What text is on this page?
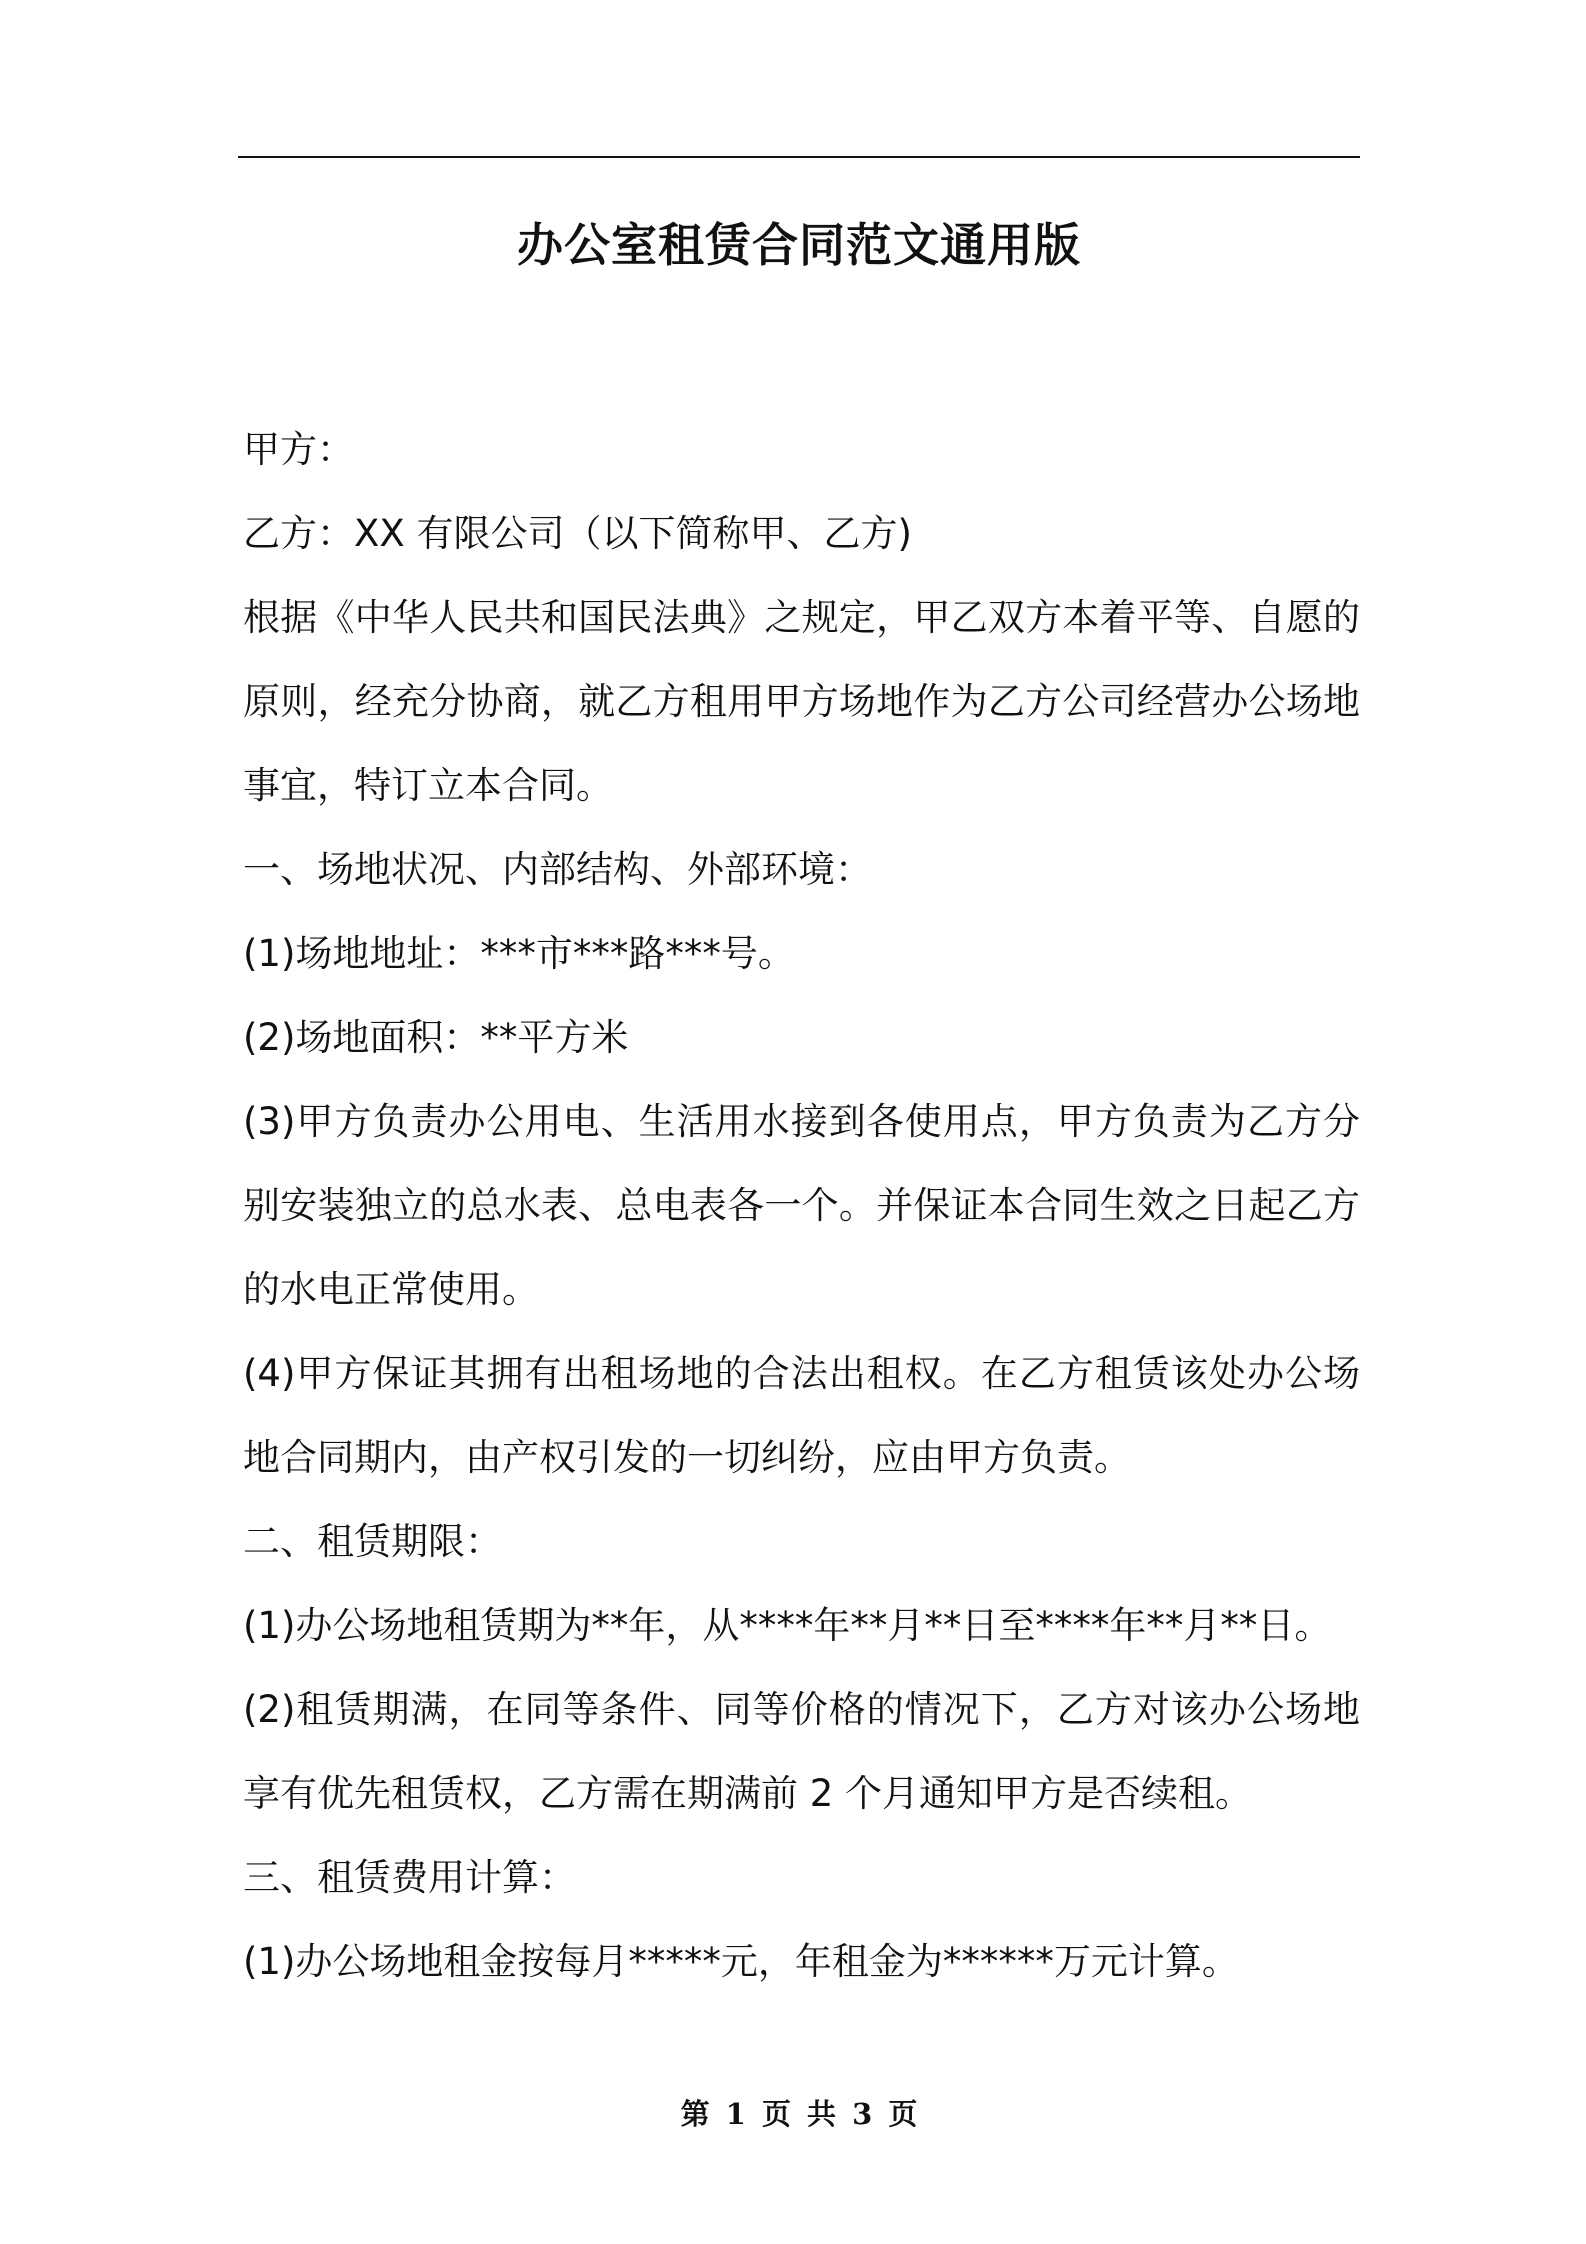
办公室租赁合同范文通用版

甲方：

乙方：XX 有限公司（以下简称甲、乙方)

根据《中华人民共和国民法典》之规定，甲乙双方本着平等、自愿的原则，经充分协商，就乙方租用甲方场地作为乙方公司经营办公场地事宜，特订立本合同。

一、场地状况、内部结构、外部环境：

(1)场地地址：***市***路***号。

(2)场地面积：**平方米

(3)甲方负责办公用电、生活用水接到各使用点，甲方负责为乙方分别安装独立的总水表、总电表各一个。并保证本合同生效之日起乙方的水电正常使用。

(4)甲方保证其拥有出租场地的合法出租权。在乙方租赁该处办公场地合同期内，由产权引发的一切纠纷，应由甲方负责。

二、租赁期限：

(1)办公场地租赁期为**年，从****年**月**日至****年**月**日。

(2)租赁期满，在同等条件、同等价格的情况下，乙方对该办公场地享有优先租赁权，乙方需在期满前 2 个月通知甲方是否续租。

三、租赁费用计算：

(1)办公场地租金按每月*****元，年租金为******万元计算。

第 1 页 共 3 页
